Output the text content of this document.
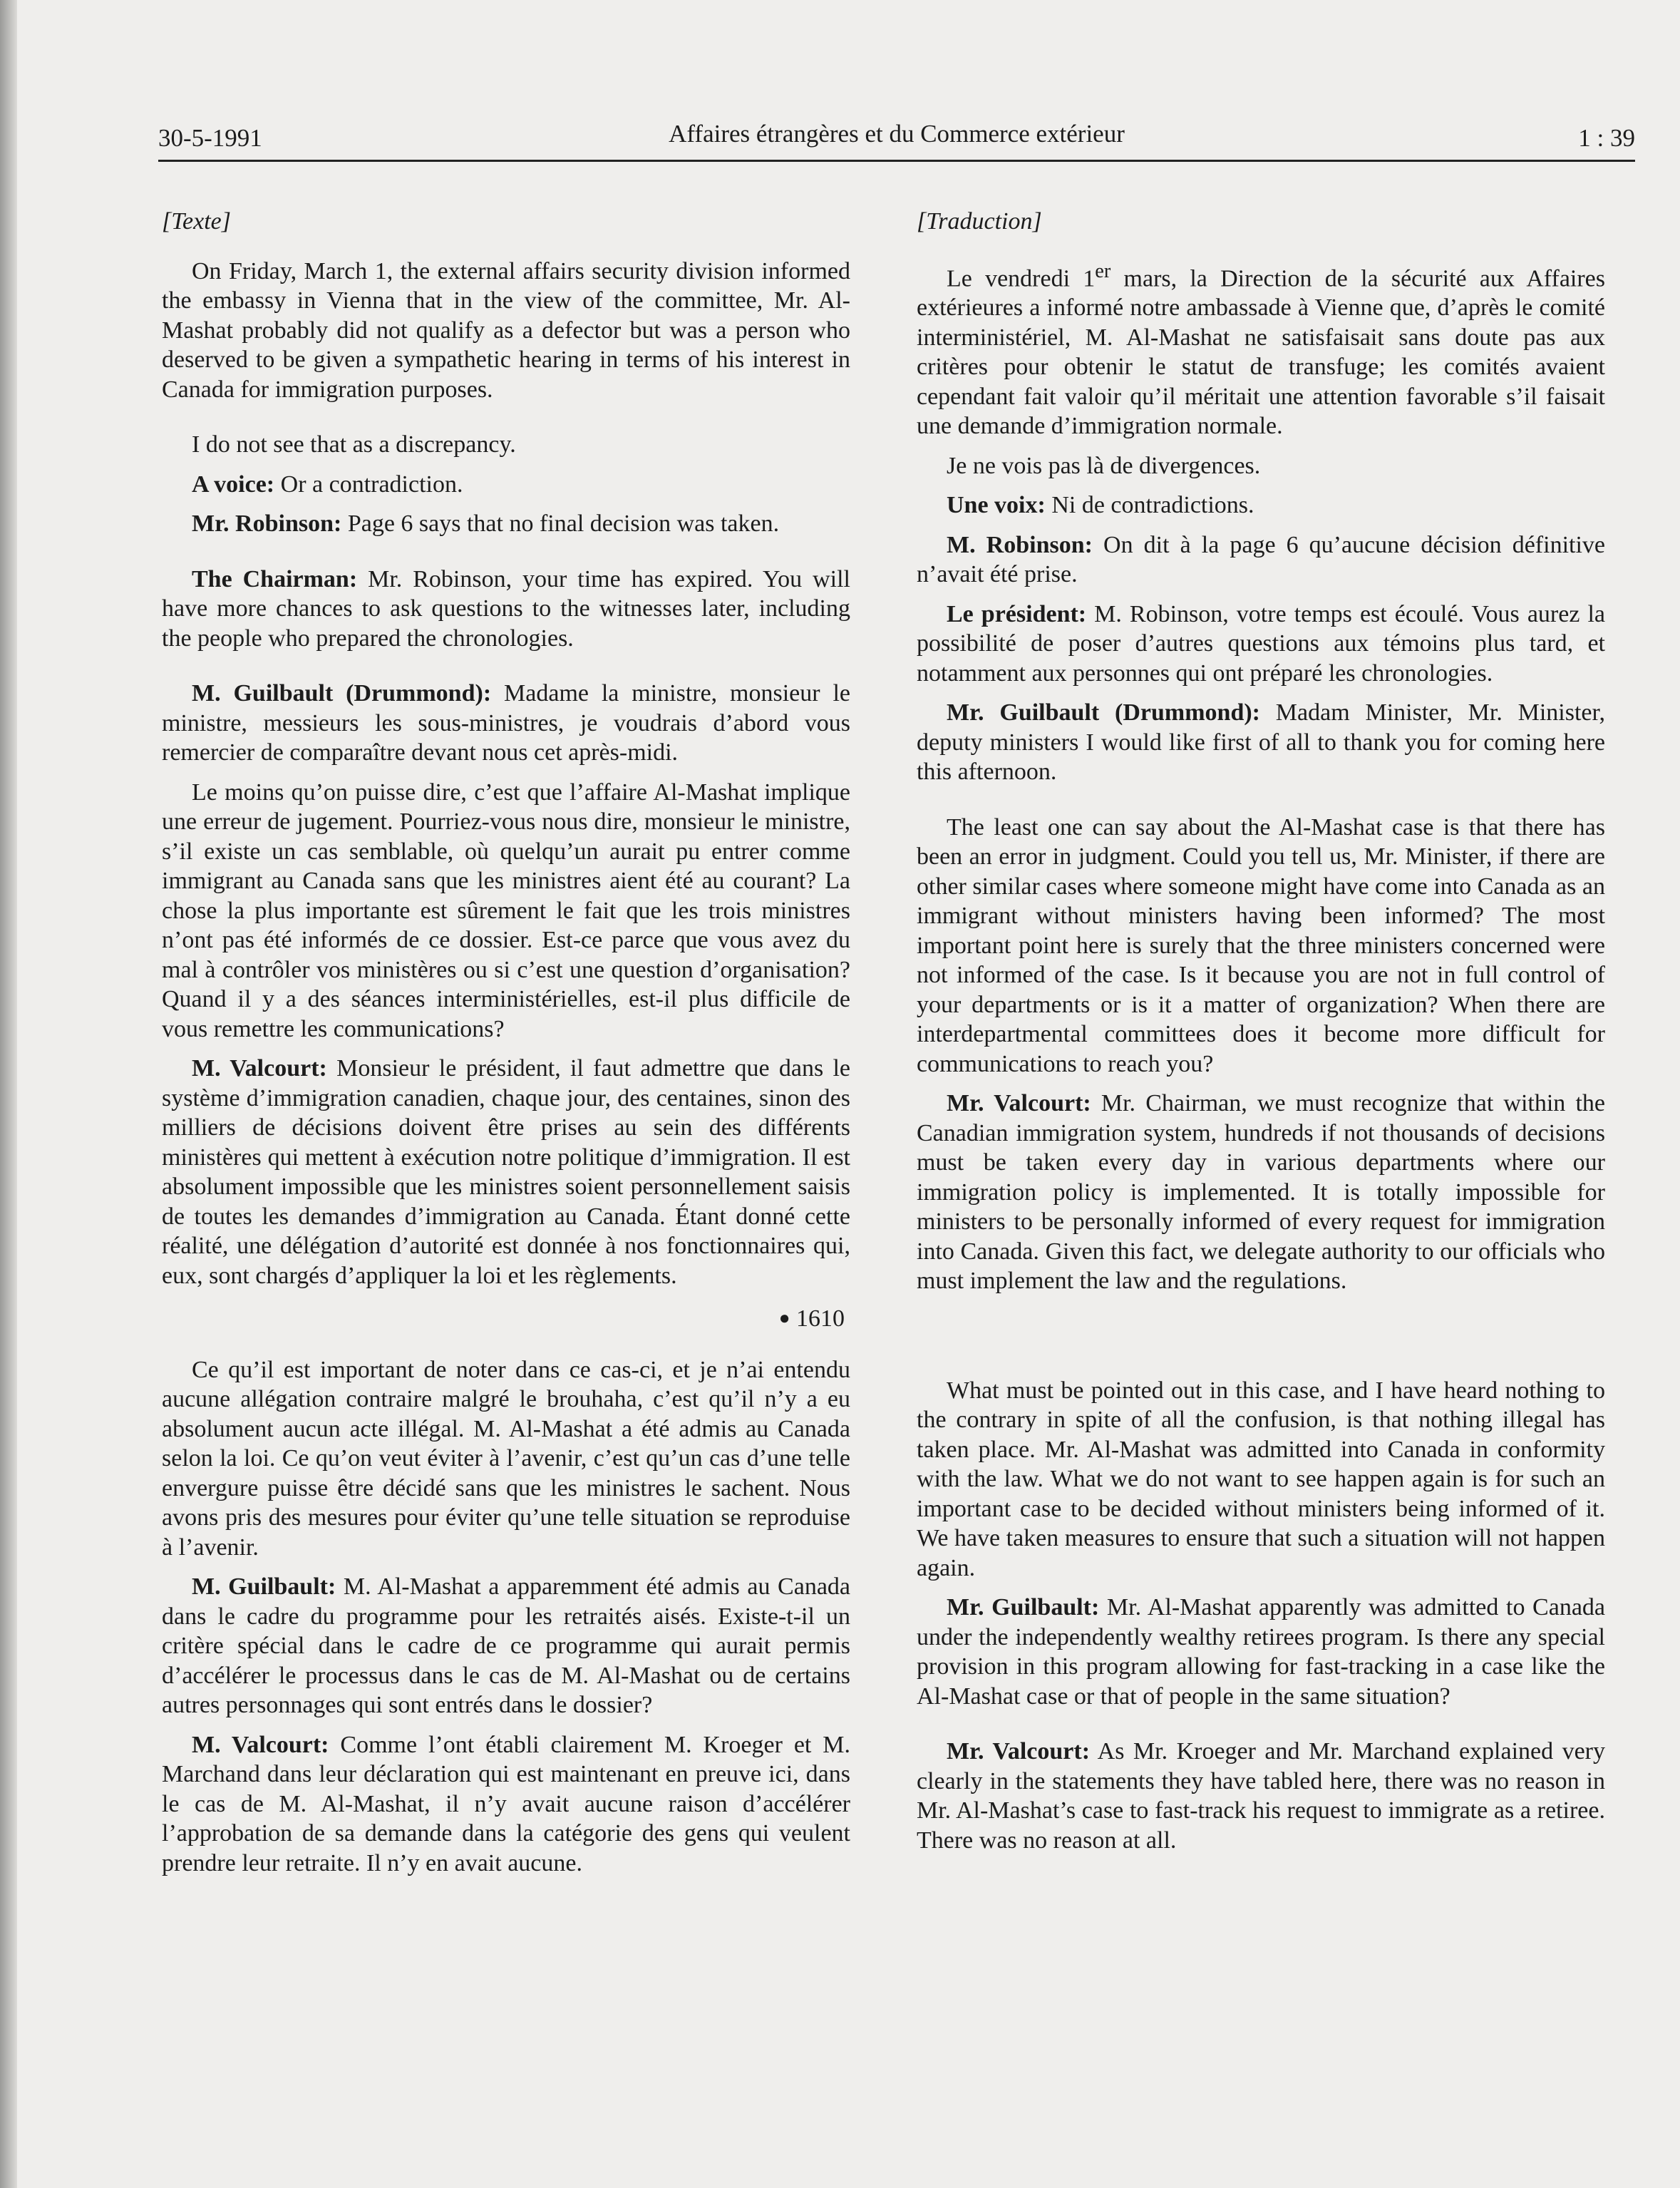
30-5-1991	Affaires étrangères et du Commerce extérieur	1 : 39
[Texte]

On Friday, March 1, the external affairs security division informed the embassy in Vienna that in the view of the committee, Mr. Al-Mashat probably did not qualify as a defector but was a person who deserved to be given a sympathetic hearing in terms of his interest in Canada for immigration purposes.

I do not see that as a discrepancy.

A voice: Or a contradiction.

Mr. Robinson: Page 6 says that no final decision was taken.

The Chairman: Mr. Robinson, your time has expired. You will have more chances to ask questions to the witnesses later, including the people who prepared the chronologies.

M. Guilbault (Drummond): Madame la ministre, monsieur le ministre, messieurs les sous-ministres, je voudrais d’abord vous remercier de comparaître devant nous cet après-midi.

Le moins qu’on puisse dire, c’est que l’affaire Al-Mashat implique une erreur de jugement. Pourriez-vous nous dire, monsieur le ministre, s’il existe un cas semblable, où quelqu’un aurait pu entrer comme immigrant au Canada sans que les ministres aient été au courant? La chose la plus importante est sûrement le fait que les trois ministres n’ont pas été informés de ce dossier. Est-ce parce que vous avez du mal à contrôler vos ministères ou si c’est une question d’organisation? Quand il y a des séances interministérielles, est-il plus difficile de vous remettre les communications?

M. Valcourt: Monsieur le président, il faut admettre que dans le système d’immigration canadien, chaque jour, des centaines, sinon des milliers de décisions doivent être prises au sein des différents ministères qui mettent à exécution notre politique d’immigration. Il est absolument impossible que les ministres soient personnellement saisis de toutes les demandes d’immigration au Canada. Étant donné cette réalité, une délégation d’autorité est donnée à nos fonctionnaires qui, eux, sont chargés d’appliquer la loi et les règlements.

● 1610

Ce qu’il est important de noter dans ce cas-ci, et je n’ai entendu aucune allégation contraire malgré le brouhaha, c’est qu’il n’y a eu absolument aucun acte illégal. M. Al-Mashat a été admis au Canada selon la loi. Ce qu’on veut éviter à l’avenir, c’est qu’un cas d’une telle envergure puisse être décidé sans que les ministres le sachent. Nous avons pris des mesures pour éviter qu’une telle situation se reproduise à l’avenir.

M. Guilbault: M. Al-Mashat a apparemment été admis au Canada dans le cadre du programme pour les retraités aisés. Existe-t-il un critère spécial dans le cadre de ce programme qui aurait permis d’accélérer le processus dans le cas de M. Al-Mashat ou de certains autres personnages qui sont entrés dans le dossier?

M. Valcourt: Comme l’ont établi clairement M. Kroeger et M. Marchand dans leur déclaration qui est maintenant en preuve ici, dans le cas de M. Al-Mashat, il n’y avait aucune raison d’accélérer l’approbation de sa demande dans la catégorie des gens qui veulent prendre leur retraite. Il n’y en avait aucune.

[Traduction]

Le vendredi 1er mars, la Direction de la sécurité aux Affaires extérieures a informé notre ambassade à Vienne que, d’après le comité interministériel, M. Al-Mashat ne satisfaisait sans doute pas aux critères pour obtenir le statut de transfuge; les comités avaient cependant fait valoir qu’il méritait une attention favorable s’il faisait une demande d’immigration normale.

Je ne vois pas là de divergences.

Une voix: Ni de contradictions.

M. Robinson: On dit à la page 6 qu’aucune décision définitive n’avait été prise.

Le président: M. Robinson, votre temps est écoulé. Vous aurez la possibilité de poser d’autres questions aux témoins plus tard, et notamment aux personnes qui ont préparé les chronologies.

Mr. Guilbault (Drummond): Madam Minister, Mr. Minister, deputy ministers I would like first of all to thank you for coming here this afternoon.

The least one can say about the Al-Mashat case is that there has been an error in judgment. Could you tell us, Mr. Minister, if there are other similar cases where someone might have come into Canada as an immigrant without ministers having been informed? The most important point here is surely that the three ministers concerned were not informed of the case. Is it because you are not in full control of your departments or is it a matter of organization? When there are interdepartmental committees does it become more difficult for communications to reach you?

Mr. Valcourt: Mr. Chairman, we must recognize that within the Canadian immigration system, hundreds if not thousands of decisions must be taken every day in various departments where our immigration policy is implemented. It is totally impossible for ministers to be personally informed of every request for immigration into Canada. Given this fact, we delegate authority to our officials who must implement the law and the regulations.

What must be pointed out in this case, and I have heard nothing to the contrary in spite of all the confusion, is that nothing illegal has taken place. Mr. Al-Mashat was admitted into Canada in conformity with the law. What we do not want to see happen again is for such an important case to be decided without ministers being informed of it. We have taken measures to ensure that such a situation will not happen again.

Mr. Guilbault: Mr. Al-Mashat apparently was admitted to Canada under the independently wealthy retirees program. Is there any special provision in this program allowing for fast-tracking in a case like the Al-Mashat case or that of people in the same situation?

Mr. Valcourt: As Mr. Kroeger and Mr. Marchand explained very clearly in the statements they have tabled here, there was no reason in Mr. Al-Mashat’s case to fast-track his request to immigrate as a retiree. There was no reason at all.
